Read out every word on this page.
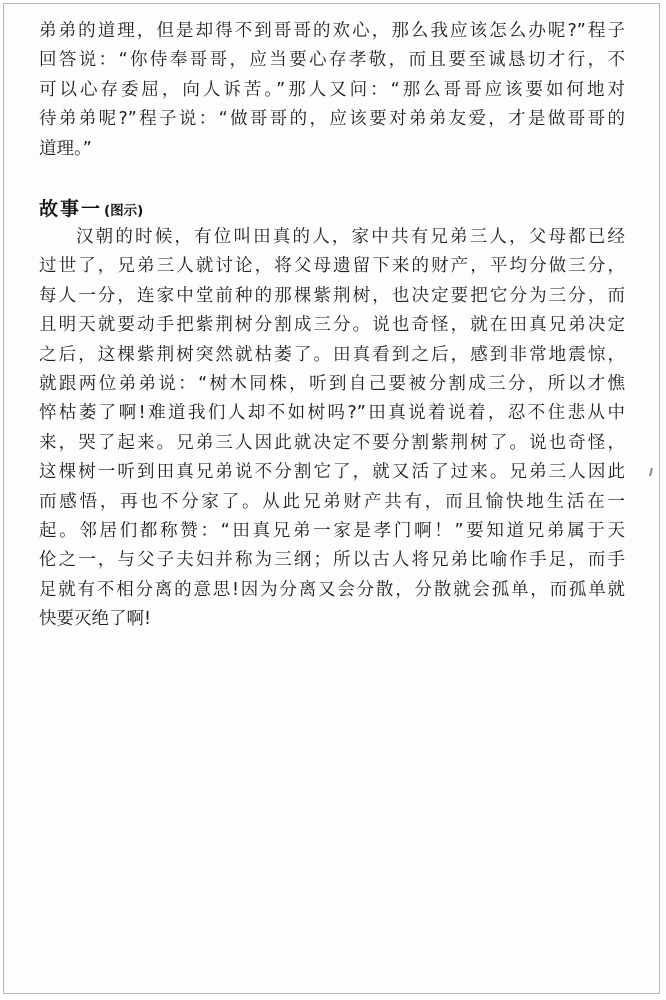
弟弟的道理，但是却得不到哥哥的欢心，那么我应该怎么办呢?”程子
回答说：“你侍奉哥哥，应当要心存孝敬，而且要至诚恳切才行，不
可以心存委屈，向人诉苦。”那人又问：“那么哥哥应该要如何地对
待弟弟呢?”程子说：“做哥哥的，应该要对弟弟友爱，才是做哥哥的
道理。”
故事一 (图示)
汉朝的时候，有位叫田真的人，家中共有兄弟三人，父母都已经
过世了，兄弟三人就讨论，将父母遗留下来的财产，平均分做三分，
每人一分，连家中堂前种的那棵紫荆树，也决定要把它分为三分，而
且明天就要动手把紫荆树分割成三分。说也奇怪，就在田真兄弟决定
之后，这棵紫荆树突然就枯萎了。田真看到之后，感到非常地震惊，
就跟两位弟弟说：“树木同株，听到自己要被分割成三分，所以才憔
悴枯萎了啊!难道我们人却不如树吗?”田真说着说着，忍不住悲从中
来，哭了起来。兄弟三人因此就决定不要分割紫荆树了。说也奇怪，
这棵树一听到田真兄弟说不分割它了，就又活了过来。兄弟三人因此
而感悟，再也不分家了。从此兄弟财产共有，而且愉快地生活在一
起。邻居们都称赞：“田真兄弟一家是孝门啊！”要知道兄弟属于天
伦之一，与父子夫妇并称为三纲；所以古人将兄弟比喻作手足，而手
足就有不相分离的意思!因为分离又会分散，分散就会孤单，而孤单就
快要灭绝了啊!
